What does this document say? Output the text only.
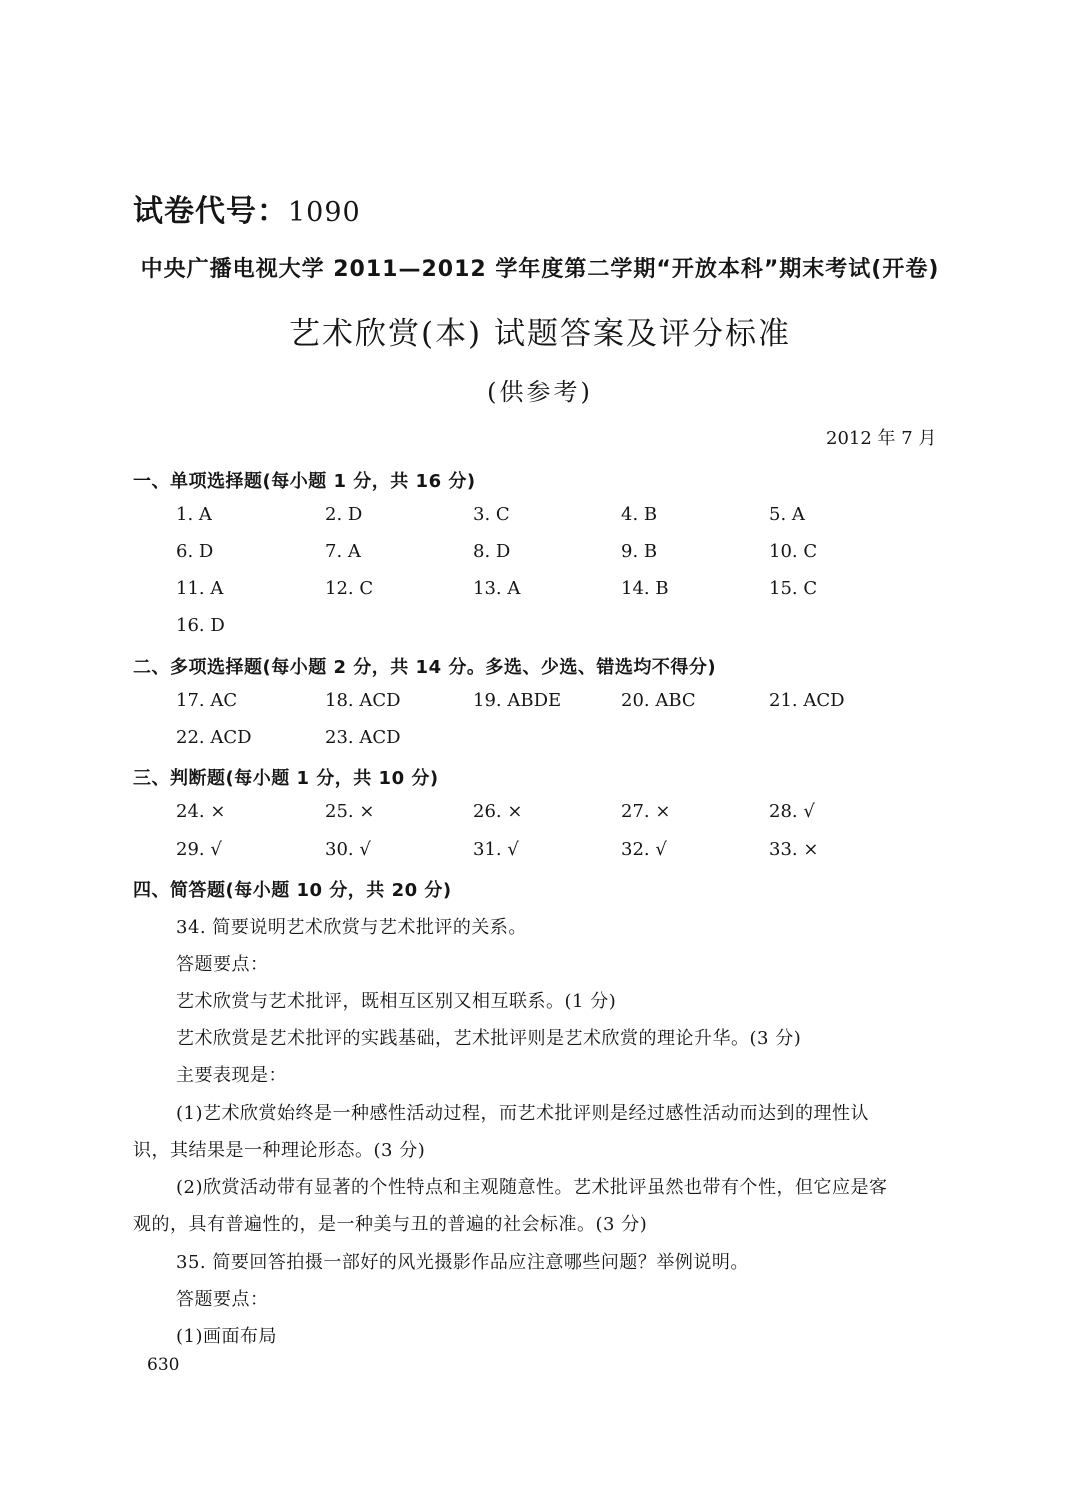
试卷代号：1090
中央广播电视大学 2011—2012 学年度第二学期“开放本科”期末考试(开卷)
艺术欣赏(本) 试题答案及评分标准
(供参考)
2012 年 7 月
一、单项选择题(每小题 1 分，共 16 分)
1. A	2. D	3. C	4. B	5. A
6. D	7. A	8. D	9. B	10. C
11. A	12. C	13. A	14. B	15. C
16. D
二、多项选择题(每小题 2 分，共 14 分。多选、少选、错选均不得分)
17. AC	18. ACD	19. ABDE	20. ABC	21. ACD
22. ACD	23. ACD
三、判断题(每小题 1 分，共 10 分)
24. ×	25. ×	26. ×	27. ×	28. √
29. √	30. √	31. √	32. √	33. ×
四、简答题(每小题 10 分，共 20 分)
34. 简要说明艺术欣赏与艺术批评的关系。
答题要点：
艺术欣赏与艺术批评，既相互区别又相互联系。(1 分)
艺术欣赏是艺术批评的实践基础，艺术批评则是艺术欣赏的理论升华。(3 分)
主要表现是：
(1)艺术欣赏始终是一种感性活动过程，而艺术批评则是经过感性活动而达到的理性认
识，其结果是一种理论形态。(3 分)
(2)欣赏活动带有显著的个性特点和主观随意性。艺术批评虽然也带有个性，但它应是客
观的，具有普遍性的，是一种美与丑的普遍的社会标准。(3 分)
35. 简要回答拍摄一部好的风光摄影作品应注意哪些问题？举例说明。
答题要点：
(1)画面布局
630
